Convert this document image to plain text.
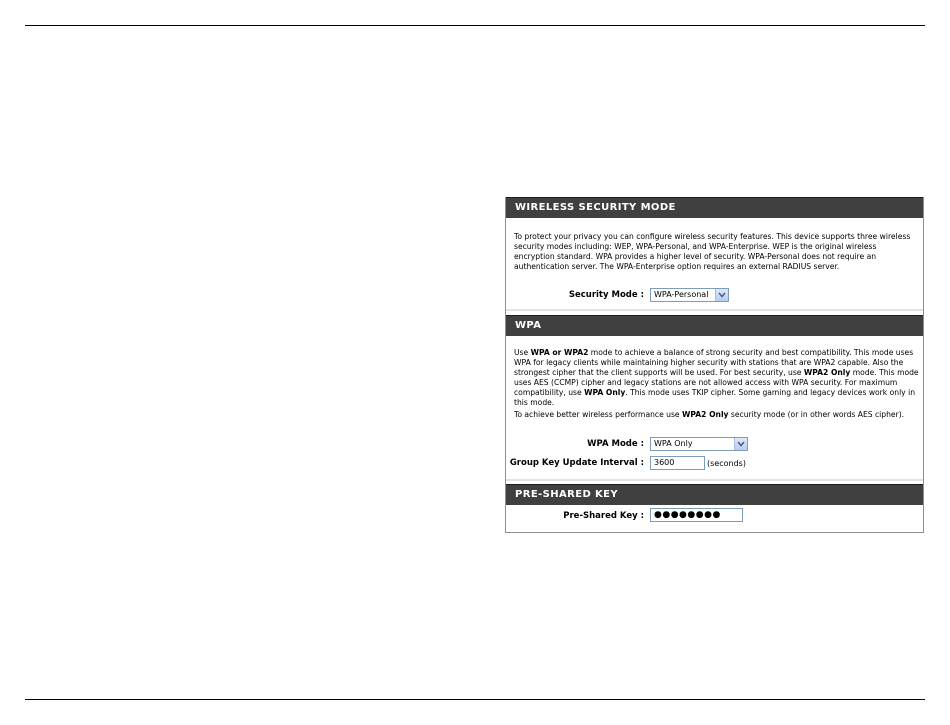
WIRELESS SECURITY MODE
To protect your privacy you can configure wireless security features. This device supports three wireless security modes including: WEP, WPA-Personal, and WPA-Enterprise. WEP is the original wireless encryption standard. WPA provides a higher level of security. WPA-Personal does not require an authentication server. The WPA-Enterprise option requires an external RADIUS server.
Security Mode : WPA-Personal
WPA
Use WPA or WPA2 mode to achieve a balance of strong security and best compatibility. This mode uses WPA for legacy clients while maintaining higher security with stations that are WPA2 capable. Also the strongest cipher that the client supports will be used. For best security, use WPA2 Only mode. This mode uses AES (CCMP) cipher and legacy stations are not allowed access with WPA security. For maximum compatibility, use WPA Only. This mode uses TKIP cipher. Some gaming and legacy devices work only in this mode.
To achieve better wireless performance use WPA2 Only security mode (or in other words AES cipher).
WPA Mode : WPA Only
Group Key Update Interval : 3600	(seconds)
PRE-SHARED KEY
Pre-Shared Key : ●●●●●●●●
